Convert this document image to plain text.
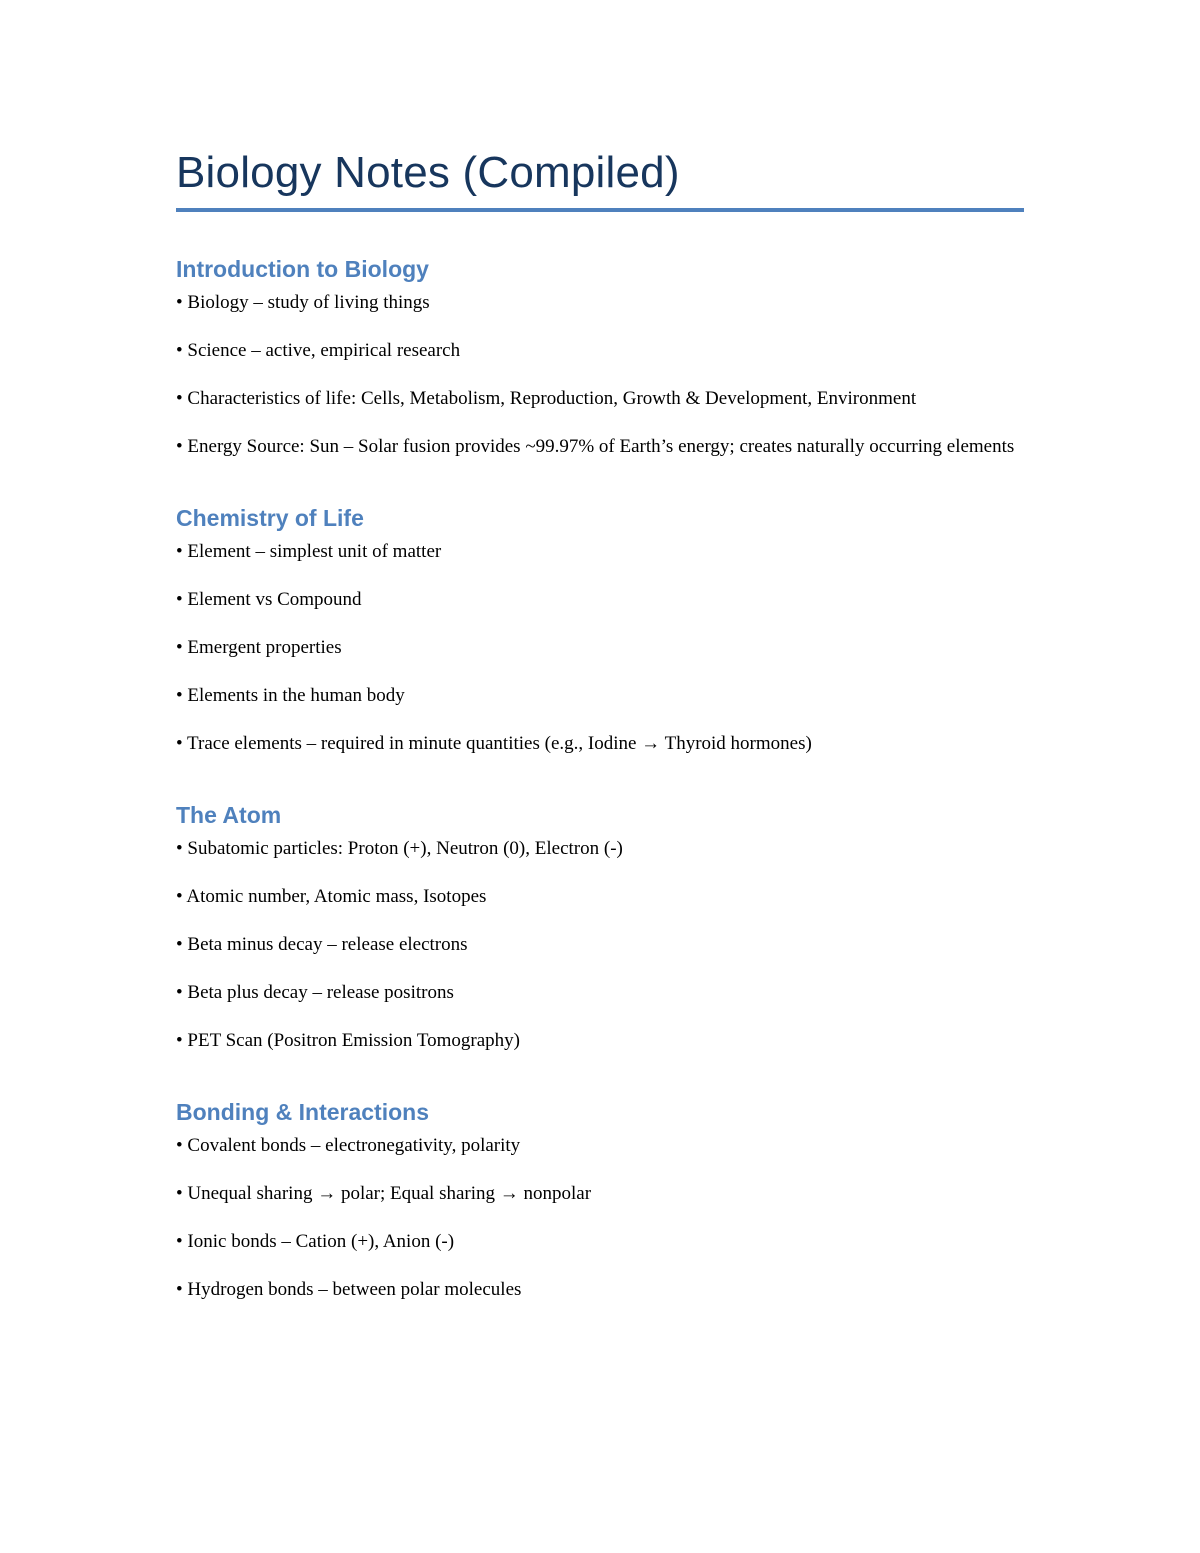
Biology Notes (Compiled)
Introduction to Biology

• Biology – study of living things

• Science – active, empirical research

• Characteristics of life: Cells, Metabolism, Reproduction, Growth & Development, Environment

• Energy Source: Sun – Solar fusion provides ~99.97% of Earth’s energy; creates naturally occurring elements

Chemistry of Life

• Element – simplest unit of matter

• Element vs Compound

• Emergent properties

• Elements in the human body

• Trace elements – required in minute quantities (e.g., Iodine → Thyroid hormones)

The Atom

• Subatomic particles: Proton (+), Neutron (0), Electron (-)

• Atomic number, Atomic mass, Isotopes

• Beta minus decay – release electrons

• Beta plus decay – release positrons

• PET Scan (Positron Emission Tomography)

Bonding & Interactions

• Covalent bonds – electronegativity, polarity

• Unequal sharing → polar; Equal sharing → nonpolar

• Ionic bonds – Cation (+), Anion (-)

• Hydrogen bonds – between polar molecules
